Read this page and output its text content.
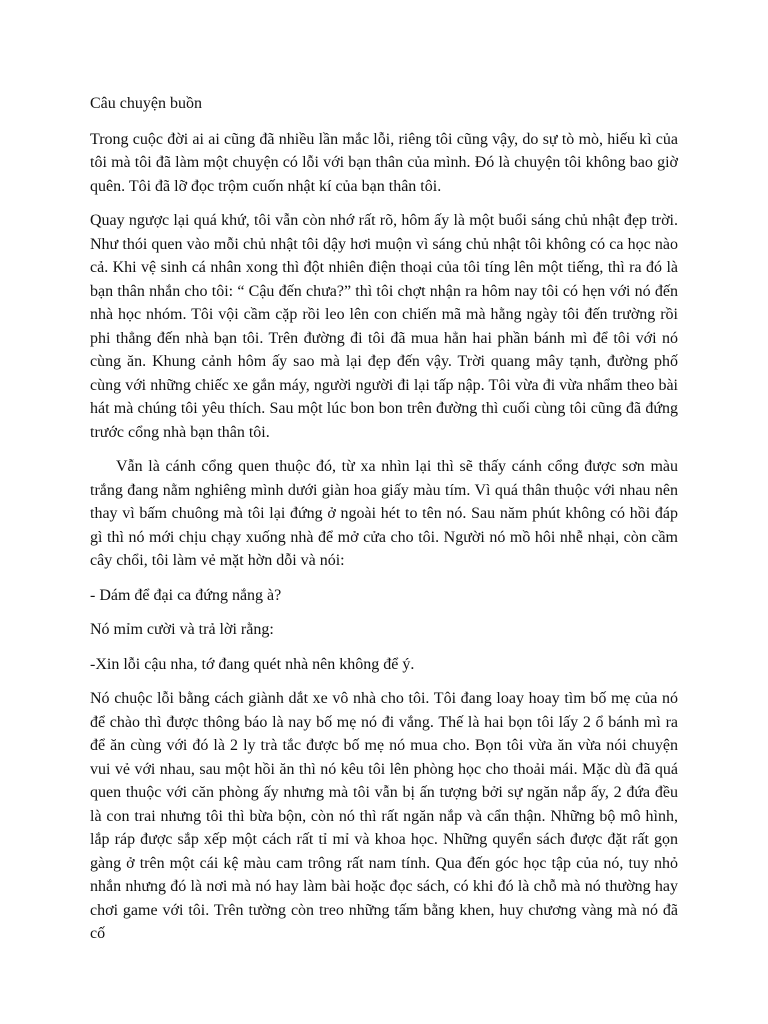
Câu chuyện buồn

Trong cuộc đời ai ai cũng đã nhiều lần mắc lỗi, riêng tôi cũng vậy, do sự tò mò, hiếu kì của tôi mà tôi đã làm một chuyện có lỗi với bạn thân của mình. Đó là chuyện tôi không bao giờ quên. Tôi đã lỡ đọc trộm cuốn nhật kí của bạn thân tôi.

Quay ngược lại quá khứ, tôi vẫn còn nhớ rất rõ, hôm ấy là một buổi sáng chủ nhật đẹp trời. Như thói quen vào mỗi chủ nhật tôi dậy hơi muộn vì sáng chủ nhật tôi không có ca học nào cả. Khi vệ sinh cá nhân xong thì đột nhiên điện thoại của tôi tíng lên một tiếng, thì ra đó là bạn thân nhắn cho tôi: “ Cậu đến chưa?” thì tôi chợt nhận ra hôm nay tôi có hẹn với nó đến nhà học nhóm. Tôi vội cầm cặp rồi leo lên con chiến mã mà hằng ngày tôi đến trường rồi phi thẳng đến nhà bạn tôi. Trên đường đi tôi đã mua hẳn hai phần bánh mì để tôi với nó cùng ăn. Khung cảnh hôm ấy sao mà lại đẹp đến vậy. Trời quang mây tạnh, đường phố cùng với những chiếc xe gắn máy, người người đi lại tấp nập. Tôi vừa đi vừa nhẩm theo bài hát mà chúng tôi yêu thích. Sau một lúc bon bon trên đường thì cuối cùng tôi cũng đã đứng trước cổng nhà bạn thân tôi.

Vẫn là cánh cổng quen thuộc đó, từ xa nhìn lại thì sẽ thấy cánh cổng được sơn màu trắng đang nằm nghiêng mình dưới giàn hoa giấy màu tím. Vì quá thân thuộc với nhau nên thay vì bấm chuông mà tôi lại đứng ở ngoài hét to tên nó. Sau năm phút không có hồi đáp gì thì nó mới chịu chạy xuống nhà để mở cửa cho tôi. Người nó mồ hôi nhễ nhại, còn cầm cây chổi, tôi làm vẻ mặt hờn dỗi và nói:

- Dám để đại ca đứng nắng à?

Nó mỉm cười và trả lời rằng:

-Xin lỗi cậu nha, tớ đang quét nhà nên không để ý.

Nó chuộc lỗi bằng cách giành dắt xe vô nhà cho tôi. Tôi đang loay hoay tìm bố mẹ của nó để chào thì được thông báo là nay bố mẹ nó đi vắng. Thế là hai bọn tôi lấy 2 ổ bánh mì ra để ăn cùng với đó là 2 ly trà tắc được bố mẹ nó mua cho. Bọn tôi vừa ăn vừa nói chuyện vui vẻ với nhau, sau một hồi ăn thì nó kêu tôi lên phòng học cho thoải mái. Mặc dù đã quá quen thuộc với căn phòng ấy nhưng mà tôi vẫn bị ấn tượng bởi sự ngăn nắp ấy, 2 đứa đều là con trai nhưng tôi thì bừa bộn, còn nó thì rất ngăn nắp và cẩn thận. Những bộ mô hình, lắp ráp được sắp xếp một cách rất tỉ mỉ và khoa học. Những quyển sách được đặt rất gọn gàng ở trên một cái kệ màu cam trông rất nam tính. Qua đến góc học tập của nó, tuy nhỏ nhắn nhưng đó là nơi mà nó hay làm bài hoặc đọc sách, có khi đó là chỗ mà nó thường hay chơi game với tôi. Trên tường còn treo những tấm bằng khen, huy chương vàng mà nó đã cố
